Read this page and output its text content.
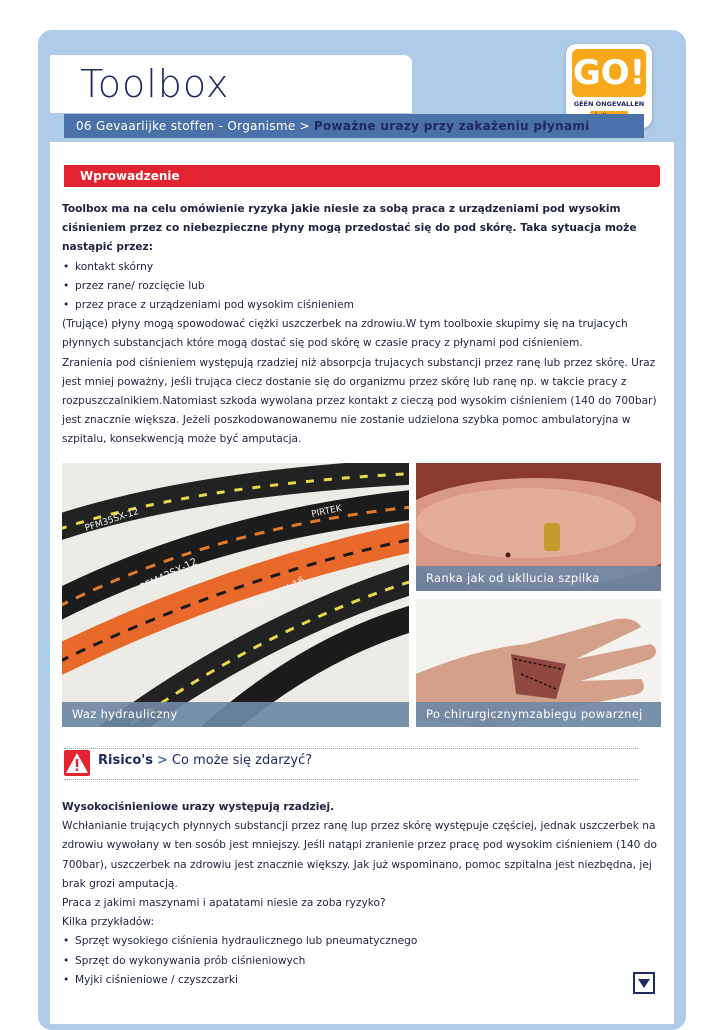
Toolbox	GO!
GÉÉN ONGEVALLEN
06 Gevaarlijke stoffen - Organisme > Poważne urazy przy zakażeniu płynami
Wprowadzenie

Toolbox ma na celu omówienie ryzyka jakie niesie za sobą praca z urządzeniami pod wysokim ciśnieniem przez co niebezpieczne płyny mogą przedostać się do pod skórę. Taka sytuacja może nastąpić przez:

• kontakt skórny
• przez rane/ rozcięcie lub
• przez prace z urządzeniami pod wysokim ciśnieniem

(Trujące) płyny mogą spowodować ciężki uszczerbek na zdrowiu.W tym toolboxie skupimy się na trujacych płynnych substancjach które mogą dostać się pod skórę w czasie pracy z płynami pod ciśnieniem.

Zranienia pod ciśnieniem występują rzadziej niż absorpcja trujacych substancji przez ranę lub przez skórę. Uraz jest mniej poważny, jeśli trująca ciecz dostanie się do organizmu przez skórę lub ranę np. w takcie pracy z rozpuszczalnikiem.Natomiast szkoda wywolana przez kontakt z cieczą pod wysokim ciśnieniem (140 do 700bar) jest znacznie większa. Jeżeli poszkodowanowanemu nie zostanie udzielona szybka pomoc ambulatoryjna w szpitalu, konsekwencją może być amputacja.

PFM35SX-12
PFM42SX-12	PFM35SX-16
PIRTEK
Waz hydrauliczny
Ranka jak od ukllucia szpilka
Po chirurgicznymzabiegu powarznej
Risico's > Co może się zdarzyć?

Wysokociśnieniowe urazy występują rzadziej.

Wchłanianie trujących płynnych substancji przez ranę lup przez skórę występuje częściej, jednak uszczerbek na zdrowiu wywołany w ten sosób jest mniejszy. Jeśli natąpi zranienie przez pracę pod wysokim ciśnieniem (140 do 700bar), uszczerbek na zdrowiu jest znacznie większy. Jak już wspominano, pomoc szpitalna jest niezbędna, jej brak grozi amputacją.

Praca z jakimi maszynami i apatatami niesie za zoba ryzyko?

Kilka przykładów:

• Sprzęt wysokiego ciśnienia hydraulicznego lub pneumatycznego
• Sprzęt do wykonywania prób ciśnieniowych
• Myjki ciśnieniowe / czyszczarki
